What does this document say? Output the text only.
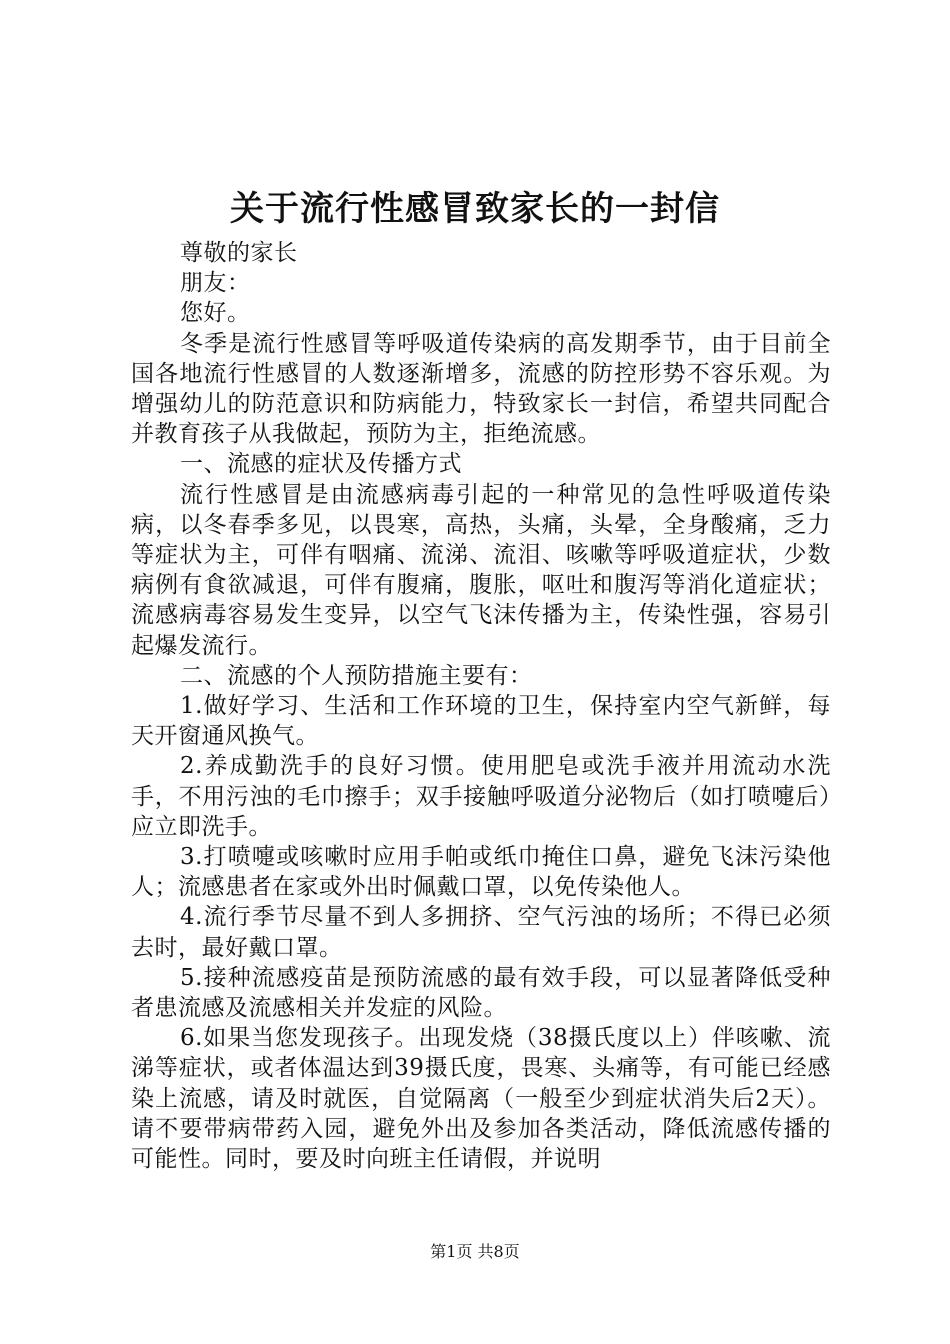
关于流行性感冒致家长的一封信

尊敬的家长

朋友：

您好。

冬季是流行性感冒等呼吸道传染病的高发期季节，由于目前全国各地流行性感冒的人数逐渐增多，流感的防控形势不容乐观。为增强幼儿的防范意识和防病能力，特致家长一封信，希望共同配合并教育孩子从我做起，预防为主，拒绝流感。

一、流感的症状及传播方式

流行性感冒是由流感病毒引起的一种常见的急性呼吸道传染病，以冬春季多见，以畏寒，高热，头痛，头晕，全身酸痛，乏力等症状为主，可伴有咽痛、流涕、流泪、咳嗽等呼吸道症状，少数病例有食欲减退，可伴有腹痛，腹胀，呕吐和腹泻等消化道症状；流感病毒容易发生变异，以空气飞沫传播为主，传染性强，容易引起爆发流行。

二、流感的个人预防措施主要有：

1.做好学习、生活和工作环境的卫生，保持室内空气新鲜，每天开窗通风换气。

2.养成勤洗手的良好习惯。使用肥皂或洗手液并用流动水洗手，不用污浊的毛巾擦手；双手接触呼吸道分泌物后（如打喷嚏后）应立即洗手。

3.打喷嚏或咳嗽时应用手帕或纸巾掩住口鼻，避免飞沫污染他人；流感患者在家或外出时佩戴口罩，以免传染他人。

4.流行季节尽量不到人多拥挤、空气污浊的场所；不得已必须去时，最好戴口罩。

5.接种流感疫苗是预防流感的最有效手段，可以显著降低受种者患流感及流感相关并发症的风险。

6.如果当您发现孩子。出现发烧（38摄氏度以上）伴咳嗽、流涕等症状，或者体温达到39摄氏度，畏寒、头痛等，有可能已经感染上流感，请及时就医，自觉隔离（一般至少到症状消失后2天）。请不要带病带药入园，避免外出及参加各类活动，降低流感传播的可能性。同时，要及时向班主任请假，并说明

第1页 共8页
